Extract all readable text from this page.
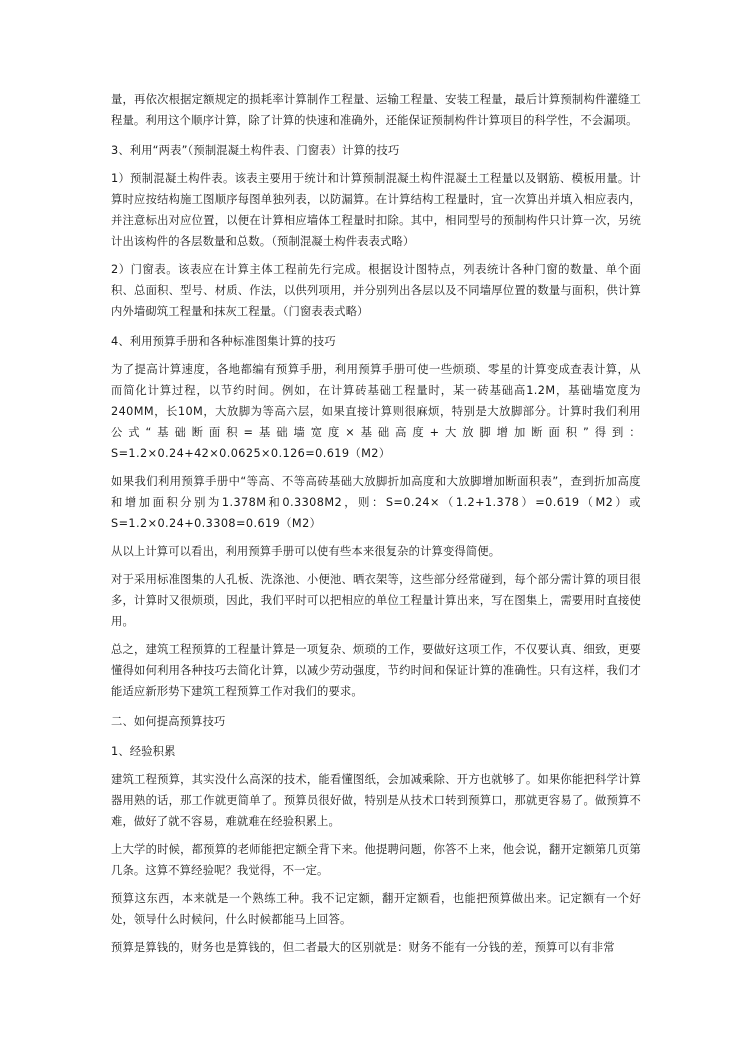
量，再依次根据定额规定的损耗率计算制作工程量、运输工程量、安装工程量，最后计算预制构件灌缝工程量。利用这个顺序计算，除了计算的快速和准确外，还能保证预制构件计算项目的科学性，不会漏项。

3、利用“两表”（预制混凝土构件表、门窗表）计算的技巧

1）预制混凝土构件表。该表主要用于统计和计算预制混凝土构件混凝土工程量以及钢筋、模板用量。计算时应按结构施工图顺序每图单独列表，以防漏算。在计算结构工程量时，宜一次算出并填入相应表内，并注意标出对应位置，以便在计算相应墙体工程量时扣除。其中，相同型号的预制构件只计算一次，另统计出该构件的各层数量和总数。（预制混凝土构件表表式略）

2）门窗表。该表应在计算主体工程前先行完成。根据设计图特点，列表统计各种门窗的数量、单个面积、总面积、型号、材质、作法，以供列项用，并分别列出各层以及不同墙厚位置的数量与面积，供计算内外墙砌筑工程量和抹灰工程量。（门窗表表式略）

4、利用预算手册和各种标准图集计算的技巧

为了提高计算速度，各地都编有预算手册，利用预算手册可使一些烦琐、零星的计算变成查表计算，从而简化计算过程，以节约时间。例如，在计算砖基础工程量时，某一砖基础高1.2M，基础墙宽度为240MM，长10M，大放脚为等高六层，如果直接计算则很麻烦，特别是大放脚部分。计算时我们利用公式“基础断面积=基础墙宽度×基础高度+大放脚增加断面积”得到：S=1.2×0.24+42×0.0625×0.126=0.619（M2）

如果我们利用预算手册中“等高、不等高砖基础大放脚折加高度和大放脚增加断面积表”，查到折加高度和增加面积分别为1.378M和0.3308M2，则：S=0.24×（1.2+1.378）=0.619（M2）或S=1.2×0.24+0.3308=0.619（M2）

从以上计算可以看出，利用预算手册可以使有些本来很复杂的计算变得简便。

对于采用标准图集的人孔板、洗涤池、小便池、晒衣架等，这些部分经常碰到，每个部分需计算的项目很多，计算时又很烦琐，因此，我们平时可以把相应的单位工程量计算出来，写在图集上，需要用时直接使用。

总之，建筑工程预算的工程量计算是一项复杂、烦琐的工作，要做好这项工作，不仅要认真、细致，更要懂得如何利用各种技巧去简化计算，以减少劳动强度，节约时间和保证计算的准确性。只有这样，我们才能适应新形势下建筑工程预算工作对我们的要求。

二、如何提高预算技巧

1、经验积累

建筑工程预算，其实没什么高深的技术，能看懂图纸，会加减乘除、开方也就够了。如果你能把科学计算器用熟的话，那工作就更简单了。预算员很好做，特别是从技术口转到预算口，那就更容易了。做预算不难，做好了就不容易，难就难在经验积累上。

上大学的时候，都预算的老师能把定额全背下来。他提聘问题，你答不上来，他会说，翻开定额第几页第几条。这算不算经验呢？我觉得，不一定。

预算这东西，本来就是一个熟练工种。我不记定额，翻开定额看，也能把预算做出来。记定额有一个好处，领导什么时候问，什么时候都能马上回答。

预算是算钱的，财务也是算钱的，但二者最大的区别就是：财务不能有一分钱的差，预算可以有非常
